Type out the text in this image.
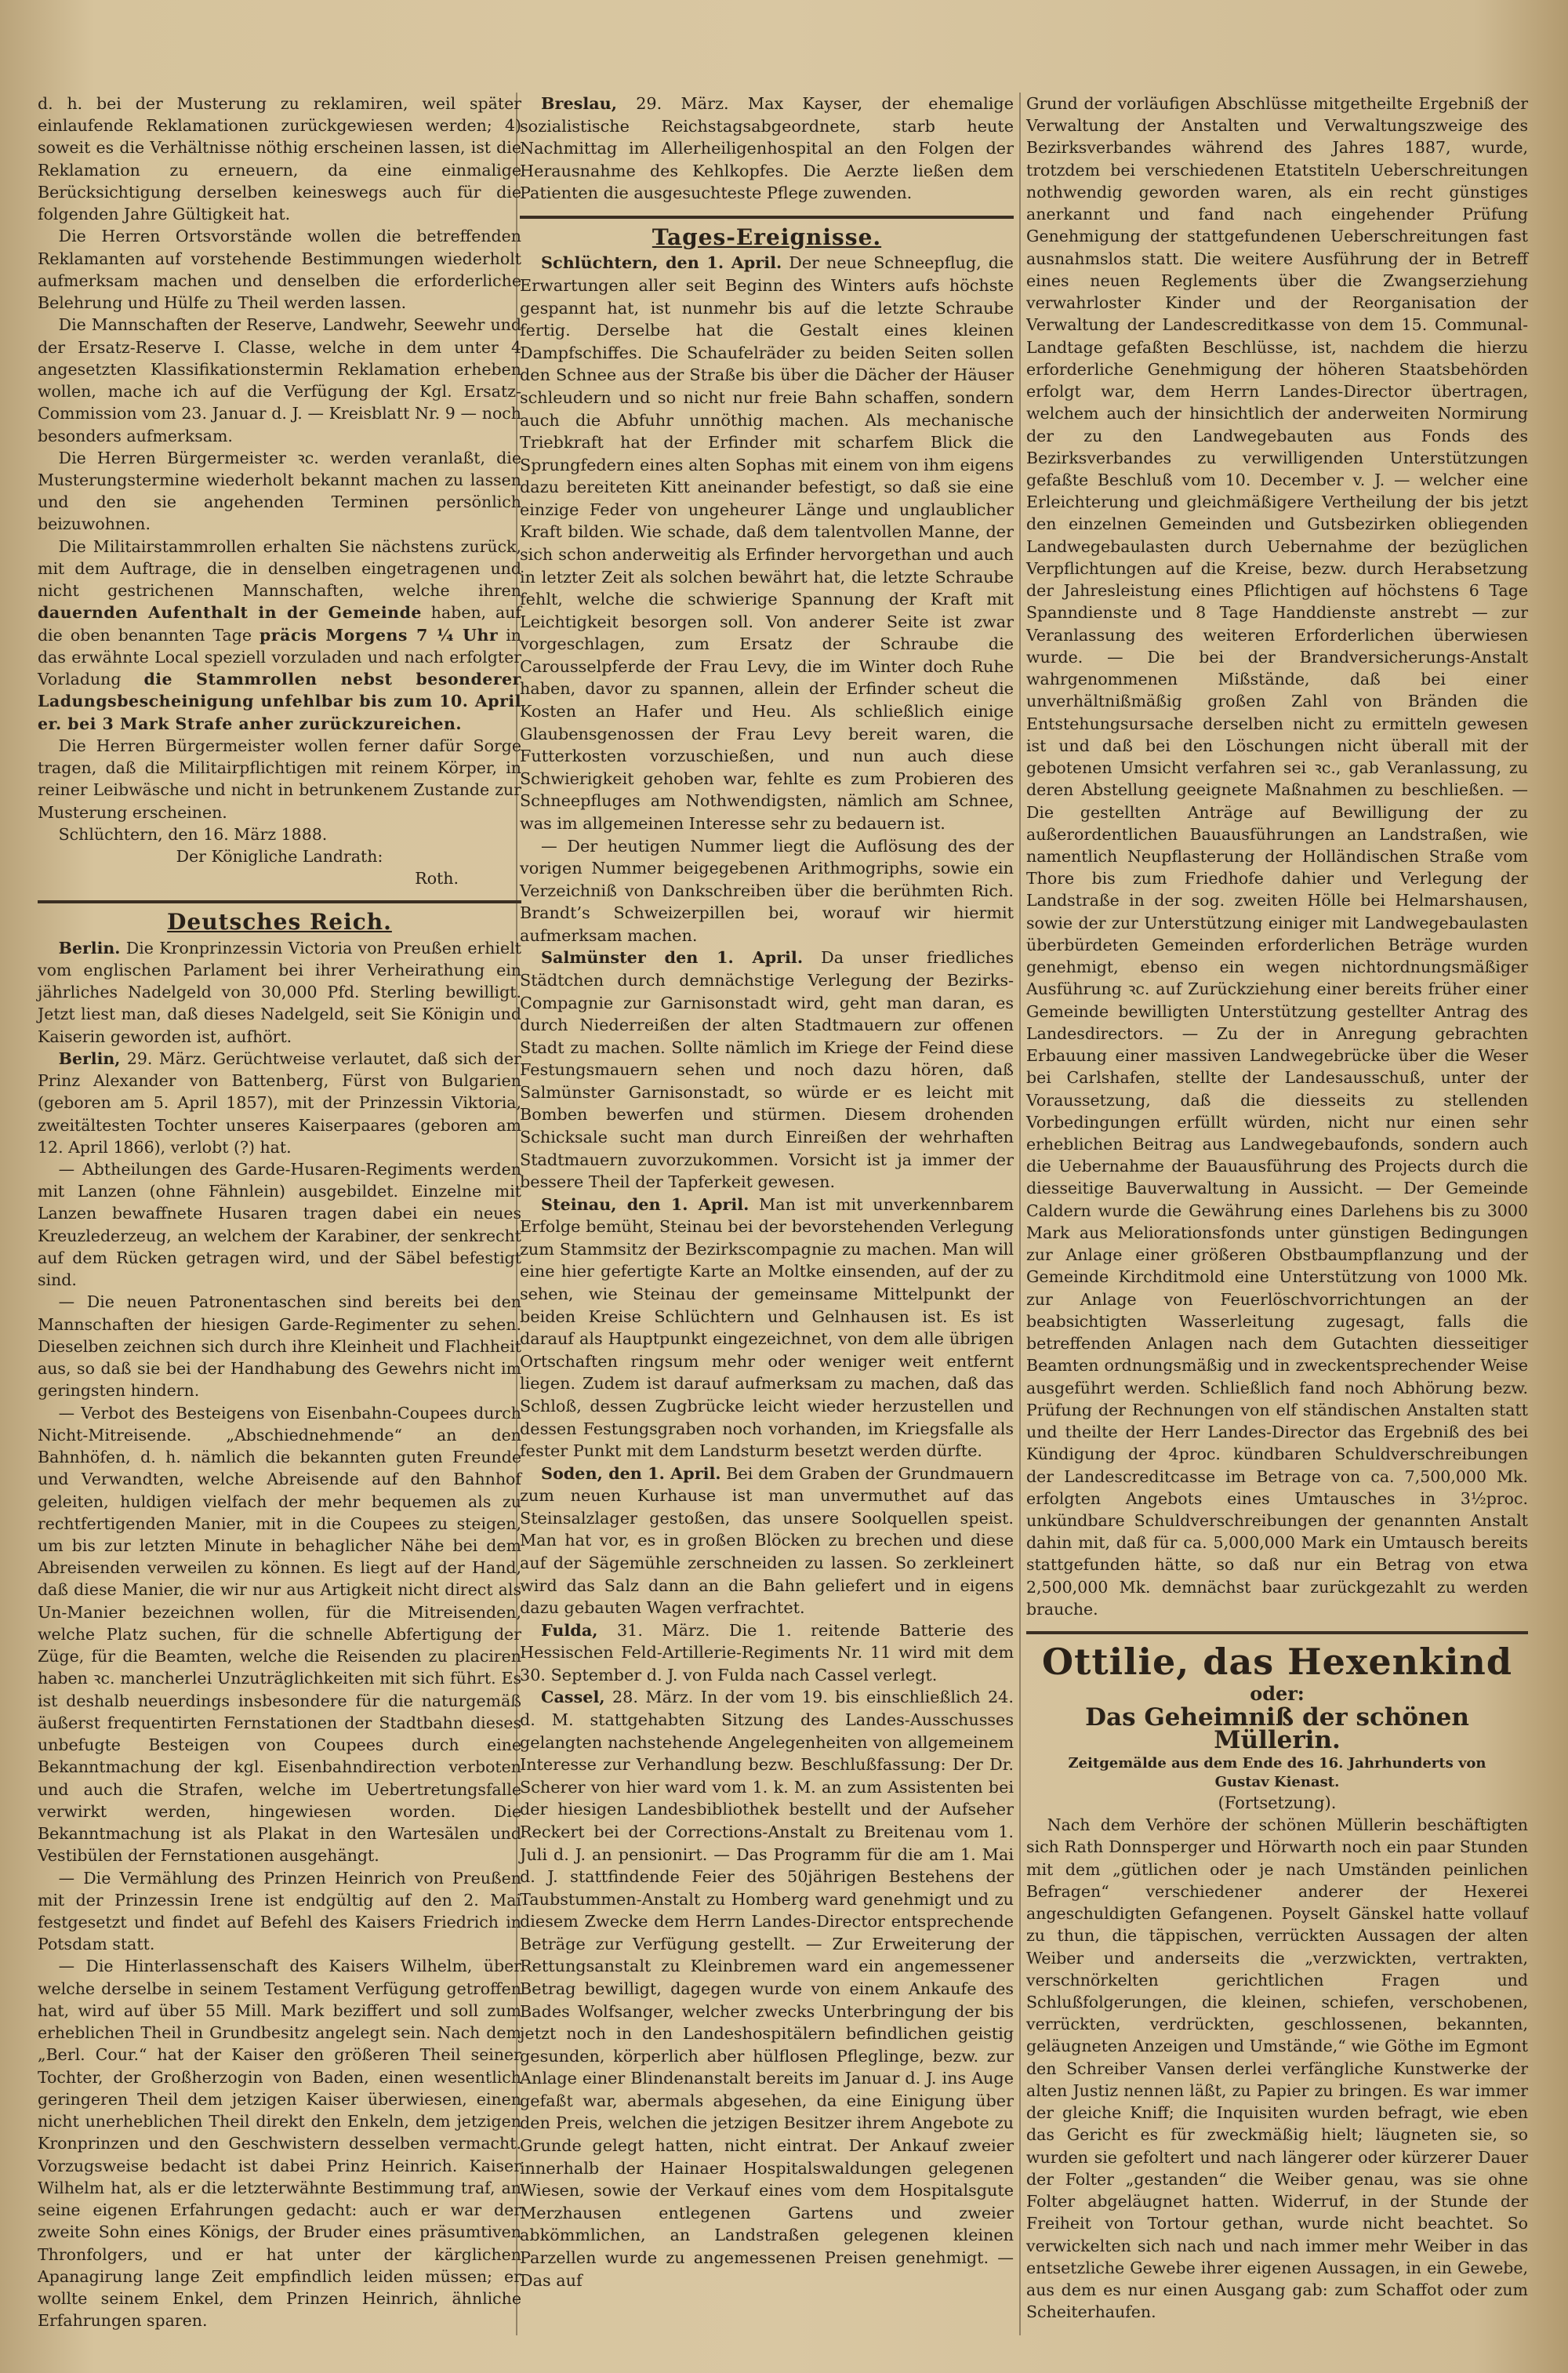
d. h. bei der Musterung zu reklamiren, weil später einlaufende Reklamationen zurückgewiesen werden; 4) soweit es die Verhältnisse nöthig erscheinen lassen, ist die Reklamation zu erneuern, da eine einmalige Berücksichtigung derselben keineswegs auch für die folgenden Jahre Gültigkeit hat.

Die Herren Ortsvorstände wollen die betreffenden Reklamanten auf vorstehende Bestimmungen wiederholt aufmerksam machen und denselben die erforderliche Belehrung und Hülfe zu Theil werden lassen.

Die Mannschaften der Reserve, Landwehr, Seewehr und der Ersatz-Reserve I. Classe, welche in dem unter 4 angesetzten Klassifikationstermin Reklamation erheben wollen, mache ich auf die Verfügung der Kgl. Ersatz-Commission vom 23. Januar d. J. — Kreisblatt Nr. 9 — noch besonders aufmerksam.

Die Herren Bürgermeister ꝛc. werden veranlaßt, die Musterungstermine wiederholt bekannt machen zu lassen und den sie angehenden Terminen persönlich beizuwohnen.

Die Militairstammrollen erhalten Sie nächstens zurück, mit dem Auftrage, die in denselben eingetragenen und nicht gestrichenen Mannschaften, welche ihren dauernden Aufenthalt in der Gemeinde haben, auf die oben benannten Tage präcis Morgens 7 ¼ Uhr in das erwähnte Local speziell vorzuladen und nach erfolgter Vorladung die Stammrollen nebst besonderer Ladungsbescheinigung unfehlbar bis zum 10. April er. bei 3 Mark Strafe anher zurückzureichen.

Die Herren Bürgermeister wollen ferner dafür Sorge tragen, daß die Militairpflichtigen mit reinem Körper, in reiner Leibwäsche und nicht in betrunkenem Zustande zur Musterung erscheinen.

Schlüchtern, den 16. März 1888.

Der Königliche Landrath:

Roth.

Deutsches Reich.

Berlin. Die Kronprinzessin Victoria von Preußen erhielt vom englischen Parlament bei ihrer Verheirathung ein jährliches Nadelgeld von 30,000 Pfd. Sterling bewilligt. Jetzt liest man, daß dieses Nadelgeld, seit Sie Königin und Kaiserin geworden ist, aufhört.

Berlin, 29. März. Gerüchtweise verlautet, daß sich der Prinz Alexander von Battenberg, Fürst von Bulgarien (geboren am 5. April 1857), mit der Prinzessin Viktoria, zweitältesten Tochter unseres Kaiserpaares (geboren am 12. April 1866), verlobt (?) hat.

— Abtheilungen des Garde-Husaren-Regiments werden mit Lanzen (ohne Fähnlein) ausgebildet. Einzelne mit Lanzen bewaffnete Husaren tragen dabei ein neues Kreuzlederzeug, an welchem der Karabiner, der senkrecht auf dem Rücken getragen wird, und der Säbel befestigt sind.

— Die neuen Patronentaschen sind bereits bei den Mannschaften der hiesigen Garde-Regimenter zu sehen. Dieselben zeichnen sich durch ihre Kleinheit und Flachheit aus, so daß sie bei der Handhabung des Gewehrs nicht im geringsten hindern.

— Verbot des Besteigens von Eisenbahn-Coupees durch Nicht-Mitreisende. „Abschiednehmende“ an den Bahnhöfen, d. h. nämlich die bekannten guten Freunde und Verwandten, welche Abreisende auf den Bahnhof geleiten, huldigen vielfach der mehr bequemen als zu rechtfertigenden Manier, mit in die Coupees zu steigen, um bis zur letzten Minute in behaglicher Nähe bei dem Abreisenden verweilen zu können. Es liegt auf der Hand, daß diese Manier, die wir nur aus Artigkeit nicht direct als Un-Manier bezeichnen wollen, für die Mitreisenden, welche Platz suchen, für die schnelle Abfertigung der Züge, für die Beamten, welche die Reisenden zu placiren haben ꝛc. mancherlei Unzuträglichkeiten mit sich führt. Es ist deshalb neuerdings insbesondere für die naturgemäß äußerst frequentirten Fernstationen der Stadtbahn dieses unbefugte Besteigen von Coupees durch eine Bekanntmachung der kgl. Eisenbahndirection verboten und auch die Strafen, welche im Uebertretungsfalle verwirkt werden, hingewiesen worden. Die Bekanntmachung ist als Plakat in den Wartesälen und Vestibülen der Fernstationen ausgehängt.

— Die Vermählung des Prinzen Heinrich von Preußen mit der Prinzessin Irene ist endgültig auf den 2. Mai festgesetzt und findet auf Befehl des Kaisers Friedrich in Potsdam statt.

— Die Hinterlassenschaft des Kaisers Wilhelm, über welche derselbe in seinem Testament Verfügung getroffen hat, wird auf über 55 Mill. Mark beziffert und soll zum erheblichen Theil in Grundbesitz angelegt sein. Nach dem „Berl. Cour.“ hat der Kaiser den größeren Theil seiner Tochter, der Großherzogin von Baden, einen wesentlich geringeren Theil dem jetzigen Kaiser überwiesen, einen nicht unerheblichen Theil direkt den Enkeln, dem jetzigen Kronprinzen und den Geschwistern desselben vermacht. Vorzugsweise bedacht ist dabei Prinz Heinrich. Kaiser Wilhelm hat, als er die letzterwähnte Bestimmung traf, an seine eigenen Erfahrungen gedacht: auch er war der zweite Sohn eines Königs, der Bruder eines präsumtiven Thronfolgers, und er hat unter der kärglichen Apanagirung lange Zeit empfindlich leiden müssen; er wollte seinem Enkel, dem Prinzen Heinrich, ähnliche Erfahrungen sparen.

Breslau, 29. März. Max Kayser, der ehemalige sozialistische Reichstagsabgeordnete, starb heute Nachmittag im Allerheiligenhospital an den Folgen der Herausnahme des Kehlkopfes. Die Aerzte ließen dem Patienten die ausgesuchteste Pflege zuwenden.

Tages-Ereignisse.

Schlüchtern, den 1. April. Der neue Schneepflug, die Erwartungen aller seit Beginn des Winters aufs höchste gespannt hat, ist nunmehr bis auf die letzte Schraube fertig. Derselbe hat die Gestalt eines kleinen Dampfschiffes. Die Schaufelräder zu beiden Seiten sollen den Schnee aus der Straße bis über die Dächer der Häuser schleudern und so nicht nur freie Bahn schaffen, sondern auch die Abfuhr unnöthig machen. Als mechanische Triebkraft hat der Erfinder mit scharfem Blick die Sprungfedern eines alten Sophas mit einem von ihm eigens dazu bereiteten Kitt aneinander befestigt, so daß sie eine einzige Feder von ungeheurer Länge und unglaublicher Kraft bilden. Wie schade, daß dem talentvollen Manne, der sich schon anderweitig als Erfinder hervorgethan und auch in letzter Zeit als solchen bewährt hat, die letzte Schraube fehlt, welche die schwierige Spannung der Kraft mit Leichtigkeit besorgen soll. Von anderer Seite ist zwar vorgeschlagen, zum Ersatz der Schraube die Carousselpferde der Frau Levy, die im Winter doch Ruhe haben, davor zu spannen, allein der Erfinder scheut die Kosten an Hafer und Heu. Als schließlich einige Glaubensgenossen der Frau Levy bereit waren, die Futterkosten vorzuschießen, und nun auch diese Schwierigkeit gehoben war, fehlte es zum Probieren des Schneepfluges am Nothwendigsten, nämlich am Schnee, was im allgemeinen Interesse sehr zu bedauern ist.

— Der heutigen Nummer liegt die Auflösung des der vorigen Nummer beigegebenen Arithmogriphs, sowie ein Verzeichniß von Dankschreiben über die berühmten Rich. Brandt’s Schweizerpillen bei, worauf wir hiermit aufmerksam machen.

Salmünster den 1. April. Da unser friedliches Städtchen durch demnächstige Verlegung der Bezirks-Compagnie zur Garnisonstadt wird, geht man daran, es durch Niederreißen der alten Stadtmauern zur offenen Stadt zu machen. Sollte nämlich im Kriege der Feind diese Festungsmauern sehen und noch dazu hören, daß Salmünster Garnisonstadt, so würde er es leicht mit Bomben bewerfen und stürmen. Diesem drohenden Schicksale sucht man durch Einreißen der wehrhaften Stadtmauern zuvorzukommen. Vorsicht ist ja immer der bessere Theil der Tapferkeit gewesen.

Steinau, den 1. April. Man ist mit unverkennbarem Erfolge bemüht, Steinau bei der bevorstehenden Verlegung zum Stammsitz der Bezirkscompagnie zu machen. Man will eine hier gefertigte Karte an Moltke einsenden, auf der zu sehen, wie Steinau der gemeinsame Mittelpunkt der beiden Kreise Schlüchtern und Gelnhausen ist. Es ist darauf als Hauptpunkt eingezeichnet, von dem alle übrigen Ortschaften ringsum mehr oder weniger weit entfernt liegen. Zudem ist darauf aufmerksam zu machen, daß das Schloß, dessen Zugbrücke leicht wieder herzustellen und dessen Festungsgraben noch vorhanden, im Kriegsfalle als fester Punkt mit dem Landsturm besetzt werden dürfte.

Soden, den 1. April. Bei dem Graben der Grundmauern zum neuen Kurhause ist man unvermuthet auf das Steinsalzlager gestoßen, das unsere Soolquellen speist. Man hat vor, es in großen Blöcken zu brechen und diese auf der Sägemühle zerschneiden zu lassen. So zerkleinert wird das Salz dann an die Bahn geliefert und in eigens dazu gebauten Wagen verfrachtet.

Fulda, 31. März. Die 1. reitende Batterie des Hessischen Feld-Artillerie-Regiments Nr. 11 wird mit dem 30. September d. J. von Fulda nach Cassel verlegt.

Cassel, 28. März. In der vom 19. bis einschließlich 24. d. M. stattgehabten Sitzung des Landes-Ausschusses gelangten nachstehende Angelegenheiten von allgemeinem Interesse zur Verhandlung bezw. Beschlußfassung: Der Dr. Scherer von hier ward vom 1. k. M. an zum Assistenten bei der hiesigen Landesbibliothek bestellt und der Aufseher Reckert bei der Corrections-Anstalt zu Breitenau vom 1. Juli d. J. an pensionirt. — Das Programm für die am 1. Mai d. J. stattfindende Feier des 50jährigen Bestehens der Taubstummen-Anstalt zu Homberg ward genehmigt und zu diesem Zwecke dem Herrn Landes-Director entsprechende Beträge zur Verfügung gestellt. — Zur Erweiterung der Rettungsanstalt zu Kleinbremen ward ein angemessener Betrag bewilligt, dagegen wurde von einem Ankaufe des Bades Wolfsanger, welcher zwecks Unterbringung der bis jetzt noch in den Landeshospitälern befindlichen geistig gesunden, körperlich aber hülflosen Pfleglinge, bezw. zur Anlage einer Blindenanstalt bereits im Januar d. J. ins Auge gefaßt war, abermals abgesehen, da eine Einigung über den Preis, welchen die jetzigen Besitzer ihrem Angebote zu Grunde gelegt hatten, nicht eintrat. Der Ankauf zweier innerhalb der Hainaer Hospitalswaldungen gelegenen Wiesen, sowie der Verkauf eines vom dem Hospitalsgute Merzhausen entlegenen Gartens und zweier abkömmlichen, an Landstraßen gelegenen kleinen Parzellen wurde zu angemessenen Preisen genehmigt. — Das auf

Grund der vorläufigen Abschlüsse mitgetheilte Ergebniß der Verwaltung der Anstalten und Verwaltungszweige des Bezirksverbandes während des Jahres 1887, wurde, trotzdem bei verschiedenen Etatstiteln Ueberschreitungen nothwendig geworden waren, als ein recht günstiges anerkannt und fand nach eingehender Prüfung Genehmigung der stattgefundenen Ueberschreitungen fast ausnahmslos statt. Die weitere Ausführung der in Betreff eines neuen Reglements über die Zwangserziehung verwahrloster Kinder und der Reorganisation der Verwaltung der Landescreditkasse von dem 15. Communal-Landtage gefaßten Beschlüsse, ist, nachdem die hierzu erforderliche Genehmigung der höheren Staatsbehörden erfolgt war, dem Herrn Landes-Director übertragen, welchem auch der hinsichtlich der anderweiten Normirung der zu den Landwegebauten aus Fonds des Bezirksverbandes zu verwilligenden Unterstützungen gefaßte Beschluß vom 10. December v. J. — welcher eine Erleichterung und gleichmäßigere Vertheilung der bis jetzt den einzelnen Gemeinden und Gutsbezirken obliegenden Landwegebaulasten durch Uebernahme der bezüglichen Verpflichtungen auf die Kreise, bezw. durch Herabsetzung der Jahresleistung eines Pflichtigen auf höchstens 6 Tage Spanndienste und 8 Tage Handdienste anstrebt — zur Veranlassung des weiteren Erforderlichen überwiesen wurde. — Die bei der Brandversicherungs-Anstalt wahrgenommenen Mißstände, daß bei einer unverhältnißmäßig großen Zahl von Bränden die Entstehungsursache derselben nicht zu ermitteln gewesen ist und daß bei den Löschungen nicht überall mit der gebotenen Umsicht verfahren sei ꝛc., gab Veranlassung, zu deren Abstellung geeignete Maßnahmen zu beschließen. — Die gestellten Anträge auf Bewilligung der zu außerordentlichen Bauausführungen an Landstraßen, wie namentlich Neupflasterung der Holländischen Straße vom Thore bis zum Friedhofe dahier und Verlegung der Landstraße in der sog. zweiten Hölle bei Helmarshausen, sowie der zur Unterstützung einiger mit Landwegebaulasten überbürdeten Gemeinden erforderlichen Beträge wurden genehmigt, ebenso ein wegen nichtordnungsmäßiger Ausführung ꝛc. auf Zurückziehung einer bereits früher einer Gemeinde bewilligten Unterstützung gestellter Antrag des Landesdirectors. — Zu der in Anregung gebrachten Erbauung einer massiven Landwegebrücke über die Weser bei Carlshafen, stellte der Landesausschuß, unter der Voraussetzung, daß die diesseits zu stellenden Vorbedingungen erfüllt würden, nicht nur einen sehr erheblichen Beitrag aus Landwegebaufonds, sondern auch die Uebernahme der Bauausführung des Projects durch die diesseitige Bauverwaltung in Aussicht. — Der Gemeinde Caldern wurde die Gewährung eines Darlehens bis zu 3000 Mark aus Meliorationsfonds unter günstigen Bedingungen zur Anlage einer größeren Obstbaumpflanzung und der Gemeinde Kirchditmold eine Unterstützung von 1000 Mk. zur Anlage von Feuerlöschvorrichtungen an der beabsichtigten Wasserleitung zugesagt, falls die betreffenden Anlagen nach dem Gutachten diesseitiger Beamten ordnungsmäßig und in zweckentsprechender Weise ausgeführt werden. Schließlich fand noch Abhörung bezw. Prüfung der Rechnungen von elf ständischen Anstalten statt und theilte der Herr Landes-Director das Ergebniß des bei Kündigung der 4proc. kündbaren Schuldverschreibungen der Landescreditcasse im Betrage von ca. 7,500,000 Mk. erfolgten Angebots eines Umtausches in 3½proc. unkündbare Schuldverschreibungen der genannten Anstalt dahin mit, daß für ca. 5,000,000 Mark ein Umtausch bereits stattgefunden hätte, so daß nur ein Betrag von etwa 2,500,000 Mk. demnächst baar zurückgezahlt zu werden brauche.

Ottilie, das Hexenkind

oder:

Das Geheimniß der schönen Müllerin.

Zeitgemälde aus dem Ende des 16. Jahrhunderts von

Gustav Kienast.

(Fortsetzung).

Nach dem Verhöre der schönen Müllerin beschäftigten sich Rath Donnsperger und Hörwarth noch ein paar Stunden mit dem „gütlichen oder je nach Umständen peinlichen Befragen“ verschiedener anderer der Hexerei angeschuldigten Gefangenen. Poyselt Gänskel hatte vollauf zu thun, die täppischen, verrückten Aussagen der alten Weiber und anderseits die „verzwickten, vertrakten, verschnörkelten gerichtlichen Fragen und Schlußfolgerungen, die kleinen, schiefen, verschobenen, verrückten, verdrückten, geschlossenen, bekannten, geläugneten Anzeigen und Umstände,“ wie Göthe im Egmont den Schreiber Vansen derlei verfängliche Kunstwerke der alten Justiz nennen läßt, zu Papier zu bringen. Es war immer der gleiche Kniff; die Inquisiten wurden befragt, wie eben das Gericht es für zweckmäßig hielt; läugneten sie, so wurden sie gefoltert und nach längerer oder kürzerer Dauer der Folter „gestanden“ die Weiber genau, was sie ohne Folter abgeläugnet hatten. Widerruf, in der Stunde der Freiheit von Tortour gethan, wurde nicht beachtet. So verwickelten sich nach und nach immer mehr Weiber in das entsetzliche Gewebe ihrer eigenen Aussagen, in ein Gewebe, aus dem es nur einen Ausgang gab: zum Schaffot oder zum Scheiterhaufen.
